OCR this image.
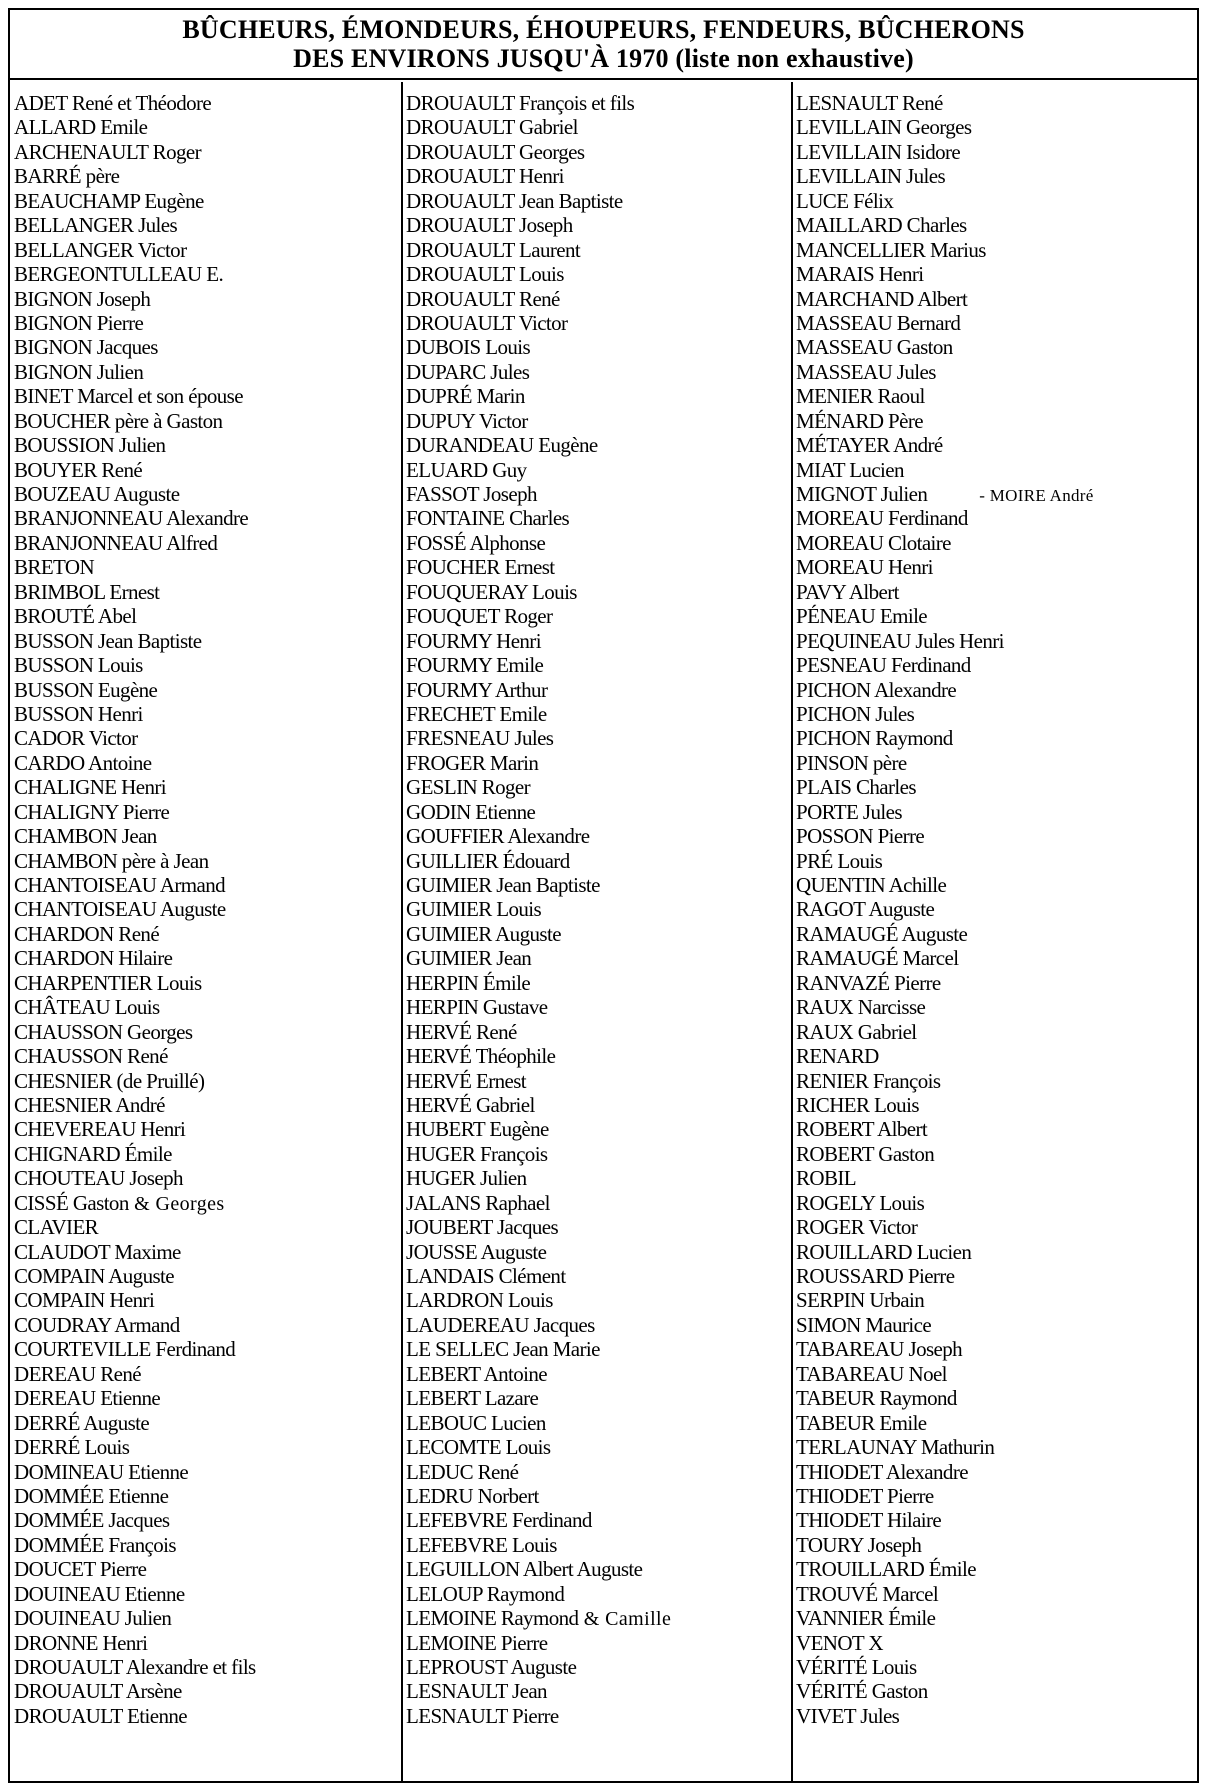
BÛCHEURS, ÉMONDEURS, ÉHOUPEURS, FENDEURS, BÛCHERONS
DES ENVIRONS JUSQU'À 1970 (liste non exhaustive)
ADET René et Théodore
ALLARD Emile
ARCHENAULT Roger
BARRÉ père
BEAUCHAMP Eugène
BELLANGER Jules
BELLANGER Victor
BERGEONTULLEAU E.
BIGNON Joseph
BIGNON Pierre
BIGNON Jacques
BIGNON Julien
BINET Marcel et son épouse
BOUCHER père à Gaston
BOUSSION Julien
BOUYER René
BOUZEAU Auguste
BRANJONNEAU Alexandre
BRANJONNEAU Alfred
BRETON
BRIMBOL Ernest
BROUTÉ Abel
BUSSON Jean Baptiste
BUSSON Louis
BUSSON Eugène
BUSSON Henri
CADOR Victor
CARDO Antoine
CHALIGNE Henri
CHALIGNY Pierre
CHAMBON Jean
CHAMBON père à Jean
CHANTOISEAU Armand
CHANTOISEAU Auguste
CHARDON René
CHARDON Hilaire
CHARPENTIER Louis
CHÂTEAU Louis
CHAUSSON Georges
CHAUSSON René
CHESNIER (de Pruillé)
CHESNIER André
CHEVEREAU Henri
CHIGNARD Émile
CHOUTEAU Joseph
CISSÉ Gaston & Georges
CLAVIER
CLAUDOT Maxime
COMPAIN Auguste
COMPAIN Henri
COUDRAY Armand
COURTEVILLE Ferdinand
DEREAU René
DEREAU Etienne
DERRÉ Auguste
DERRÉ Louis
DOMINEAU Etienne
DOMMÉE Etienne
DOMMÉE Jacques
DOMMÉE François
DOUCET Pierre
DOUINEAU Etienne
DOUINEAU Julien
DRONNE Henri
DROUAULT Alexandre et fils
DROUAULT Arsène
DROUAULT Etienne
DROUAULT François et fils
DROUAULT Gabriel
DROUAULT Georges
DROUAULT Henri
DROUAULT Jean Baptiste
DROUAULT Joseph
DROUAULT Laurent
DROUAULT Louis
DROUAULT René
DROUAULT Victor
DUBOIS Louis
DUPARC Jules
DUPRÉ Marin
DUPUY Victor
DURANDEAU Eugène
ELUARD Guy
FASSOT Joseph
FONTAINE Charles
FOSSÉ Alphonse
FOUCHER Ernest
FOUQUERAY Louis
FOUQUET Roger
FOURMY Henri
FOURMY Emile
FOURMY Arthur
FRECHET Emile
FRESNEAU Jules
FROGER Marin
GESLIN Roger
GODIN Etienne
GOUFFIER Alexandre
GUILLIER Édouard
GUIMIER Jean Baptiste
GUIMIER Louis
GUIMIER Auguste
GUIMIER Jean
HERPIN Émile
HERPIN Gustave
HERVÉ René
HERVÉ Théophile
HERVÉ Ernest
HERVÉ Gabriel
HUBERT Eugène
HUGER François
HUGER Julien
JALANS Raphael
JOUBERT Jacques
JOUSSE Auguste
LANDAIS Clément
LARDRON Louis
LAUDEREAU Jacques
LE SELLEC Jean Marie
LEBERT Antoine
LEBERT Lazare
LEBOUC Lucien
LECOMTE Louis
LEDUC René
LEDRU Norbert
LEFEBVRE Ferdinand
LEFEBVRE Louis
LEGUILLON Albert Auguste
LELOUP Raymond
LEMOINE Raymond & Camille
LEMOINE Pierre
LEPROUST Auguste
LESNAULT Jean
LESNAULT Pierre
LESNAULT René
LEVILLAIN Georges
LEVILLAIN Isidore
LEVILLAIN Jules
LUCE Félix
MAILLARD Charles
MANCELLIER Marius
MARAIS Henri
MARCHAND Albert
MASSEAU Bernard
MASSEAU Gaston
MASSEAU Jules
MENIER Raoul
MÉNARD Père
MÉTAYER André
MIAT Lucien
MIGNOT Julien	- MOIRE André
MOREAU Ferdinand
MOREAU Clotaire
MOREAU Henri
PAVY Albert
PÉNEAU Emile
PEQUINEAU Jules Henri
PESNEAU Ferdinand
PICHON Alexandre
PICHON Jules
PICHON Raymond
PINSON père
PLAIS Charles
PORTE Jules
POSSON Pierre
PRÉ Louis
QUENTIN Achille
RAGOT Auguste
RAMAUGÉ Auguste
RAMAUGÉ Marcel
RANVAZÉ Pierre
RAUX Narcisse
RAUX Gabriel
RENARD
RENIER François
RICHER Louis
ROBERT Albert
ROBERT Gaston
ROBIL
ROGELY Louis
ROGER Victor
ROUILLARD Lucien
ROUSSARD Pierre
SERPIN Urbain
SIMON Maurice
TABAREAU Joseph
TABAREAU Noel
TABEUR Raymond
TABEUR Emile
TERLAUNAY Mathurin
THIODET Alexandre
THIODET Pierre
THIODET Hilaire
TOURY Joseph
TROUILLARD Émile
TROUVÉ Marcel
VANNIER Émile
VENOT X
VÉRITÉ Louis
VÉRITÉ Gaston
VIVET Jules
